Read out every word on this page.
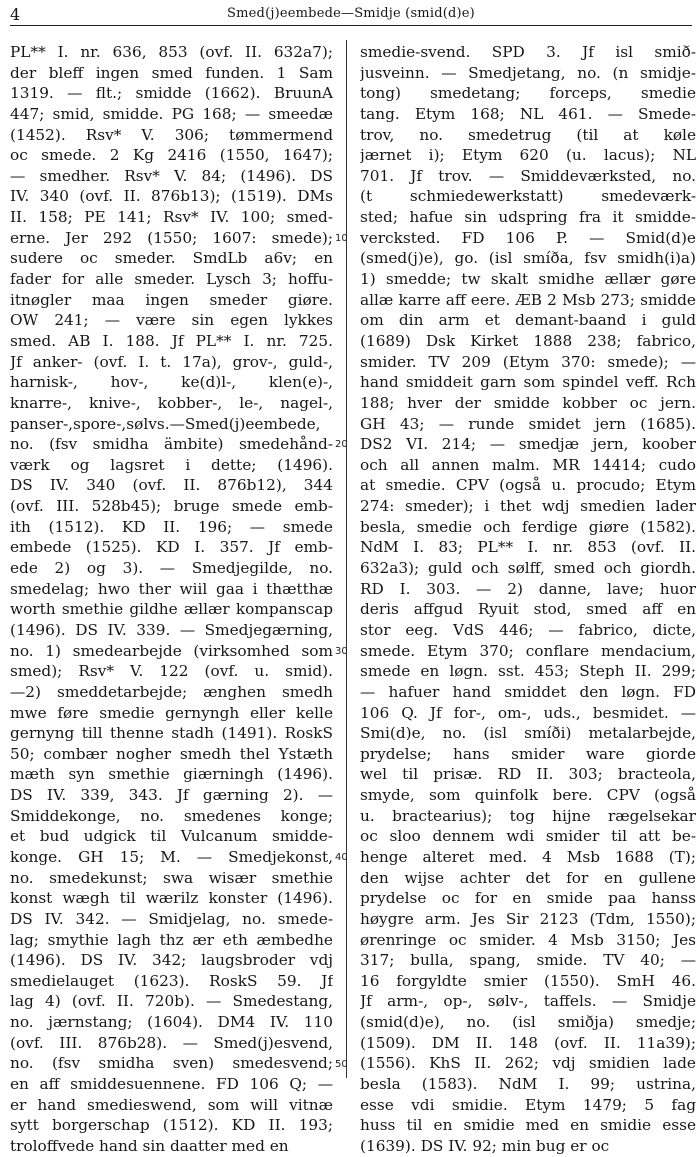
4	Smed(j)eembede—Smidje (smid(d)e)
PL** I. nr. 636, 853 (ovf. II. 632a7);
der bleff ingen smed funden. 1 Sam
1319. — flt.; smidde (1662). BruunA
447; smid, smidde. PG 168; — smeedæ
(1452). Rsv* V. 306; tømmermend
oc smede. 2 Kg 2416 (1550, 1647);
— smedher. Rsv* V. 84; (1496). DS
IV. 340 (ovf. II. 876b13); (1519). DMs
II. 158; PE 141; Rsv* IV. 100; smed-
erne. Jer 292 (1550; 1607: smede);
sudere oc smeder. SmdLb a6v; en
fader for alle smeder. Lysch 3; hoffu-
itnøgler maa ingen smeder giøre.
OW 241; — være sin egen lykkes
smed. AB I. 188. Jf PL** I. nr. 725.
Jf anker- (ovf. I. t. 17a), grov-, guld-,
harnisk-, hov-, ke(d)l-, klen(e)-,
knarre-, knive-, kobber-, le-, nagel-,
panser-,spore-,sølvs.—Smed(j)eembede,
no. (fsv smidha ämbite) smedehånd-
værk og lagsret i dette; (1496).
DS IV. 340 (ovf. II. 876b12), 344
(ovf. III. 528b45); bruge smede emb-
ith (1512). KD II. 196; — smede
embede (1525). KD I. 357. Jf emb-
ede 2) og 3). — Smedjegilde, no.
smedelag; hwo ther wiil gaa i thætthæ
worth smethie gildhe ællær kompanscap
(1496). DS IV. 339. — Smedjegærning,
no. 1) smedearbejde (virksomhed som
smed); Rsv* V. 122 (ovf. u. smid).
—2) smeddetarbejde; ænghen smedh
mwe føre smedie gernyngh eller kelle
gernyng till thenne stadh (1491). RoskS
50; combær nogher smedh thel Ystæth
mæth syn smethie giærningh (1496).
DS IV. 339, 343. Jf gærning 2). —
Smiddekonge, no. smedenes konge;
et bud udgick til Vulcanum smidde-
konge. GH 15; M. — Smedjekonst,
no. smedekunst; swa wisær smethie
konst wægh til wærilz konster (1496).
DS IV. 342. — Smidjelag, no. smede-
lag; smythie lagh thz ær eth æmbedhe
(1496). DS IV. 342; laugsbroder vdj
smedielauget (1623). RoskS 59. Jf
lag 4) (ovf. II. 720b). — Smedestang,
no. jærnstang; (1604). DM4 IV. 110
(ovf. III. 876b28). — Smed(j)esvend,
no. (fsv smidha sven) smedesvend;
en aff smiddesuennene. FD 106 Q; —
er hand smedieswend, som will vitnæ
sytt borgerschap (1512). KD II. 193;
troloffvede hand sin daatter med en
10
20
30
40
50
smedie-svend. SPD 3. Jf isl smið-
jusveinn. — Smedjetang, no. (n smidje-
tong) smedetang; forceps, smedie
tang. Etym 168; NL 461. — Smede-
trov, no. smedetrug (til at køle
jærnet i); Etym 620 (u. lacus); NL
701. Jf trov. — Smiddeværksted, no.
(t schmiedewerkstatt) smedeværk-
sted; hafue sin udspring fra it smidde-
vercksted. FD 106 P. — Smid(d)e
(smed(j)e), go. (isl smíða, fsv smidh(i)a)
1) smedde; tw skalt smidhe ællær gøre
allæ karre aff eere. ÆB 2 Msb 273; smidde
om din arm et demant-baand i guld
(1689) Dsk Kirket 1888 238; fabrico,
smider. TV 209 (Etym 370: smede); —
hand smiddeit garn som spindel veff. Rch
188; hver der smidde kobber oc jern.
GH 43; — runde smidet jern (1685).
DS2 VI. 214; — smedjæ jern, koober
och all annen malm. MR 14414; cudo
at smedie. CPV (også u. procudo; Etym
274: smeder); i thet wdj smedien lader
besla, smedie och ferdige giøre (1582).
NdM I. 83; PL** I. nr. 853 (ovf. II.
632a3); guld och sølff, smed och giordh.
RD I. 303. — 2) danne, lave; huor
deris affgud Ryuit stod, smed aff en
stor eeg. VdS 446; — fabrico, dicte,
smede. Etym 370; conflare mendacium,
smede en løgn. sst. 453; Steph II. 299;
— hafuer hand smiddet den løgn. FD
106 Q. Jf for-, om-, uds., besmidet. —
Smi(d)e, no. (isl smíði) metalarbejde,
prydelse; hans smider ware giorde
wel til prisæ. RD II. 303; bracteola,
smyde, som quinfolk bere. CPV (også
u. bractearius); tog hijne rægelsekar
oc sloo dennem wdi smider til att be-
henge alteret med. 4 Msb 1688 (T);
den wijse achter det for en gullene
prydelse oc for en smide paa hanss
høygre arm. Jes Sir 2123 (Tdm, 1550);
ørenringe oc smider. 4 Msb 3150; Jes
317; bulla, spang, smide. TV 40; —
16 forgyldte smier (1550). SmH 46.
Jf arm-, op-, sølv-, taffels. — Smidje
(smid(d)e), no. (isl smiðja) smedje;
(1509). DM II. 148 (ovf. II. 11a39);
(1556). KhS II. 262; vdj smidien lade
besla (1583). NdM I. 99; ustrina,
esse vdi smidie. Etym 1479; 5 fag
huss til en smidie med en smidie esse
(1639). DS IV. 92; min bug er oc
